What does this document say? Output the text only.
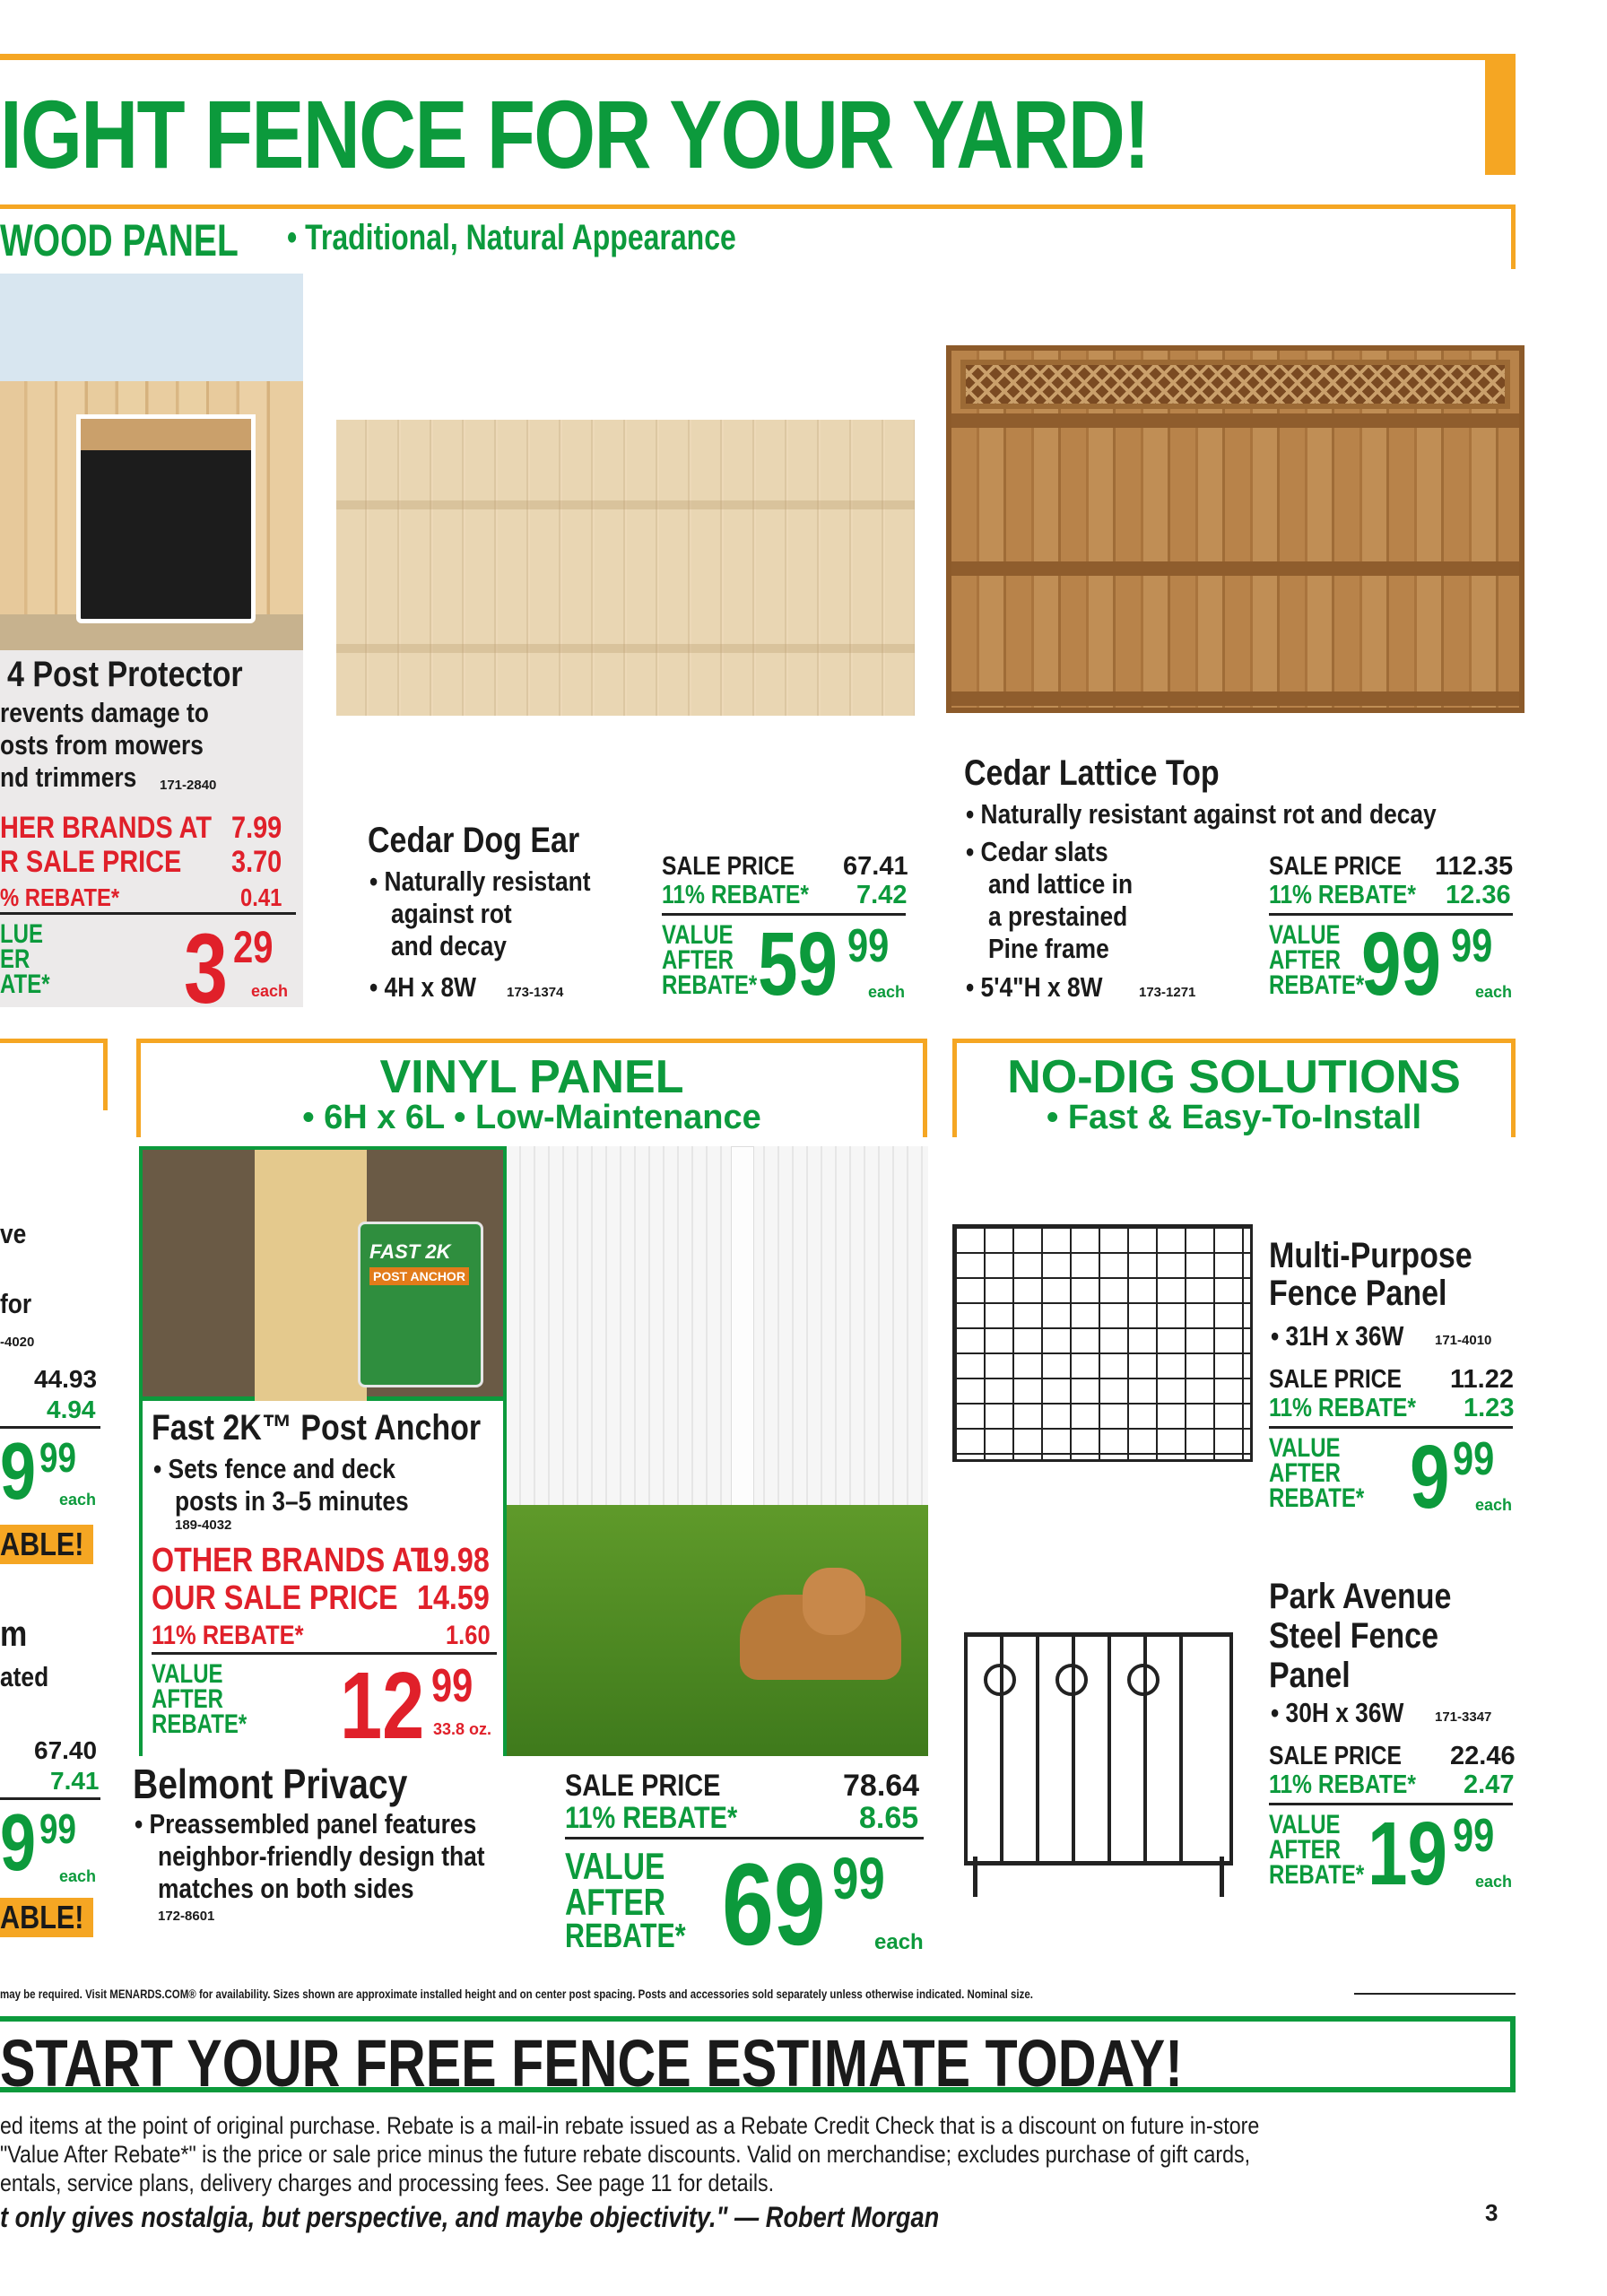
IGHT FENCE FOR YOUR YARD!
WOOD PANEL • Traditional, Natural Appearance
4 Post Protector
revents damage to
osts from mowers
nd trimmers 171-2840
HER BRANDS AT 7.99
R SALE PRICE 3.70
% REBATE*	0.41
LUE
ER
ATE* 3 29
each
Cedar Dog Ear
• Naturally resistant
against rot
and decay
• 4H x 8W 173-1374
SALE PRICE 67.41
11% REBATE* 7.42
VALUE
AFTER
REBATE* 59 99
each
Cedar Lattice Top
• Naturally resistant against rot and decay
• Cedar slats
and lattice in
a prestained
Pine frame
• 5'4"H x 8W	173-1271
SALE PRICE 112.35
11% REBATE* 12.36
VALUE
AFTER
REBATE*
99 99
each
ve
for
-4020
44.93
4.94
9 99
each
ABLE!
m
ated
67.40
7.41
9 99
each
ABLE!
VINYL PANEL
• 6H x 6L • Low-Maintenance
FAST 2K
POST ANCHOR
Fast 2K™ Post Anchor
• Sets fence and deck
posts in 3–5 minutes
189-4032
OTHER BRANDS AT
19.98
OUR SALE PRICE 14.59
11% REBATE*	1.60
VALUE
AFTER
REBATE* 12 99
33.8 oz.
Belmont Privacy
• Preassembled panel features
neighbor-friendly design that
matches on both sides
172-8601
SALE PRICE	78.64
11% REBATE*	8.65
VALUE
AFTER
REBATE* 69 99
each
NO-DIG SOLUTIONS
• Fast & Easy-To-Install
Multi-Purpose
Fence Panel
• 31H x 36W 171-4010
SALE PRICE 11.22
11% REBATE* 1.23
VALUE
AFTER
REBATE* 9 99
each
Park Avenue
Steel Fence
Panel
• 30H x 36W 171-3347
SALE PRICE 22.46
11% REBATE* 2.47
VALUE
AFTER
REBATE* 19 99
each
may be required. Visit MENARDS.COM® for availability. Sizes shown are approximate installed height and on center post spacing. Posts and accessories sold separately unless otherwise indicated. Nominal size.
START YOUR FREE FENCE ESTIMATE TODAY!
ed items at the point of original purchase. Rebate is a mail-in rebate issued as a Rebate Credit Check that is a discount on future in-store
"Value After Rebate*" is the price or sale price minus the future rebate discounts. Valid on merchandise; excludes purchase of gift cards,
entals, service plans, delivery charges and processing fees. See page 11 for details.
t only gives nostalgia, but perspective, and maybe objectivity." — Robert Morgan	3
